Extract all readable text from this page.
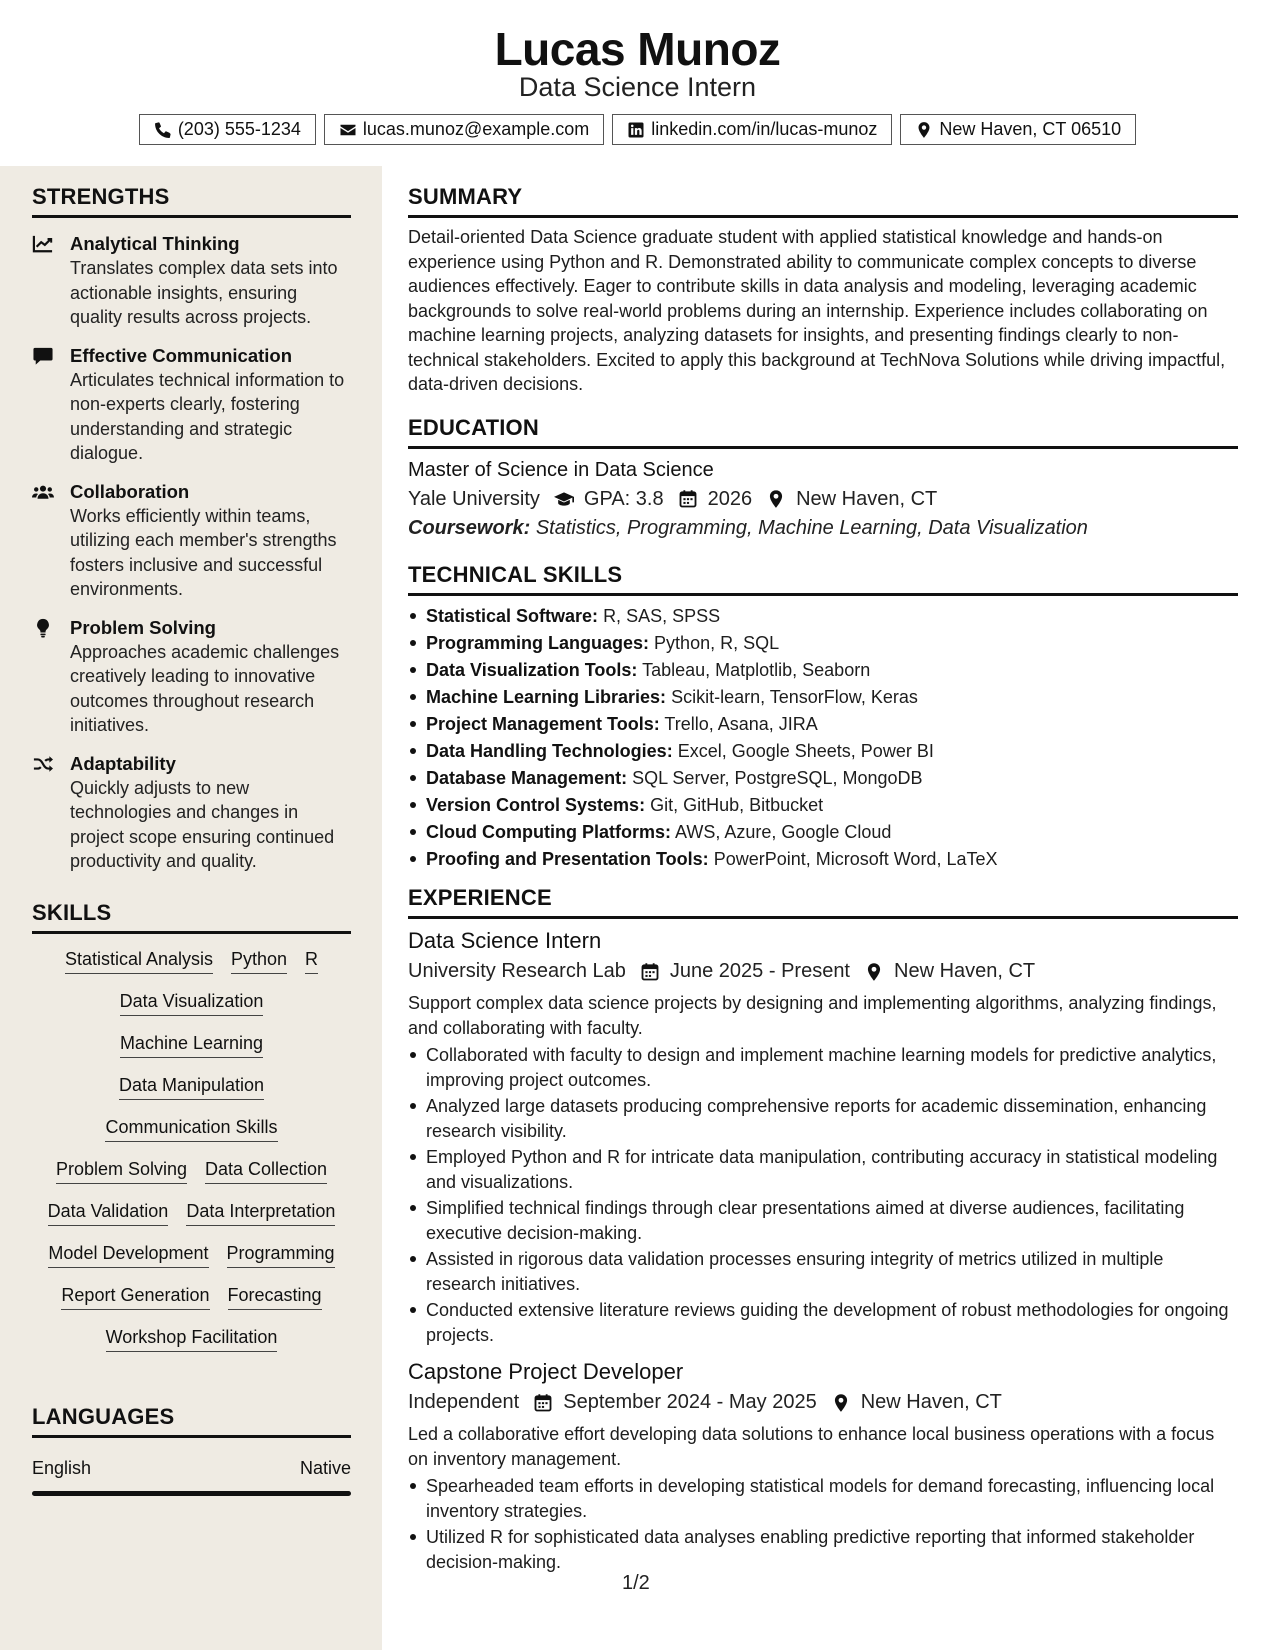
Lucas Munoz
Data Science Intern
(203) 555-1234	lucas.munoz@example.com	linkedin.com/in/lucas-munoz	New Haven, CT 06510
STRENGTHS
Analytical Thinking
Translates complex data sets into actionable insights, ensuring quality results across projects.
Effective Communication
Articulates technical information to non-experts clearly, fostering understanding and strategic dialogue.
Collaboration
Works efficiently within teams, utilizing each member's strengths fosters inclusive and successful environments.
Problem Solving
Approaches academic challenges creatively leading to innovative outcomes throughout research initiatives.
Adaptability
Quickly adjusts to new technologies and changes in project scope ensuring continued productivity and quality.
SKILLS
Statistical Analysis Python R
Data Visualization
Machine Learning
Data Manipulation
Communication Skills
Problem Solving Data Collection
Data Validation Data Interpretation
Model Development Programming
Report Generation Forecasting
Workshop Facilitation
LANGUAGES
English	Native
SUMMARY
Detail-oriented Data Science graduate student with applied statistical knowledge and hands-on experience using Python and R. Demonstrated ability to communicate complex concepts to diverse audiences effectively. Eager to contribute skills in data analysis and modeling, leveraging academic backgrounds to solve real-world problems during an internship. Experience includes collaborating on machine learning projects, analyzing datasets for insights, and presenting findings clearly to non-technical stakeholders. Excited to apply this background at TechNova Solutions while driving impactful, data-driven decisions.
EDUCATION
Master of Science in Data Science
Yale University GPA: 3.8 2026 New Haven, CT
Coursework: Statistics, Programming, Machine Learning, Data Visualization
TECHNICAL SKILLS
Statistical Software: R, SAS, SPSS
Programming Languages: Python, R, SQL
Data Visualization Tools: Tableau, Matplotlib, Seaborn
Machine Learning Libraries: Scikit-learn, TensorFlow, Keras
Project Management Tools: Trello, Asana, JIRA
Data Handling Technologies: Excel, Google Sheets, Power BI
Database Management: SQL Server, PostgreSQL, MongoDB
Version Control Systems: Git, GitHub, Bitbucket
Cloud Computing Platforms: AWS, Azure, Google Cloud
Proofing and Presentation Tools: PowerPoint, Microsoft Word, LaTeX
EXPERIENCE
Data Science Intern
University Research Lab June 2025 - Present New Haven, CT
Support complex data science projects by designing and implementing algorithms, analyzing findings, and collaborating with faculty.
Collaborated with faculty to design and implement machine learning models for predictive analytics, improving project outcomes.
Analyzed large datasets producing comprehensive reports for academic dissemination, enhancing research visibility.
Employed Python and R for intricate data manipulation, contributing accuracy in statistical modeling and visualizations.
Simplified technical findings through clear presentations aimed at diverse audiences, facilitating executive decision-making.
Assisted in rigorous data validation processes ensuring integrity of metrics utilized in multiple research initiatives.
Conducted extensive literature reviews guiding the development of robust methodologies for ongoing projects.
Capstone Project Developer
Independent September 2024 - May 2025 New Haven, CT
Led a collaborative effort developing data solutions to enhance local business operations with a focus on inventory management.
Spearheaded team efforts in developing statistical models for demand forecasting, influencing local inventory strategies.
Utilized R for sophisticated data analyses enabling predictive reporting that informed stakeholder decision-making.
1/2
